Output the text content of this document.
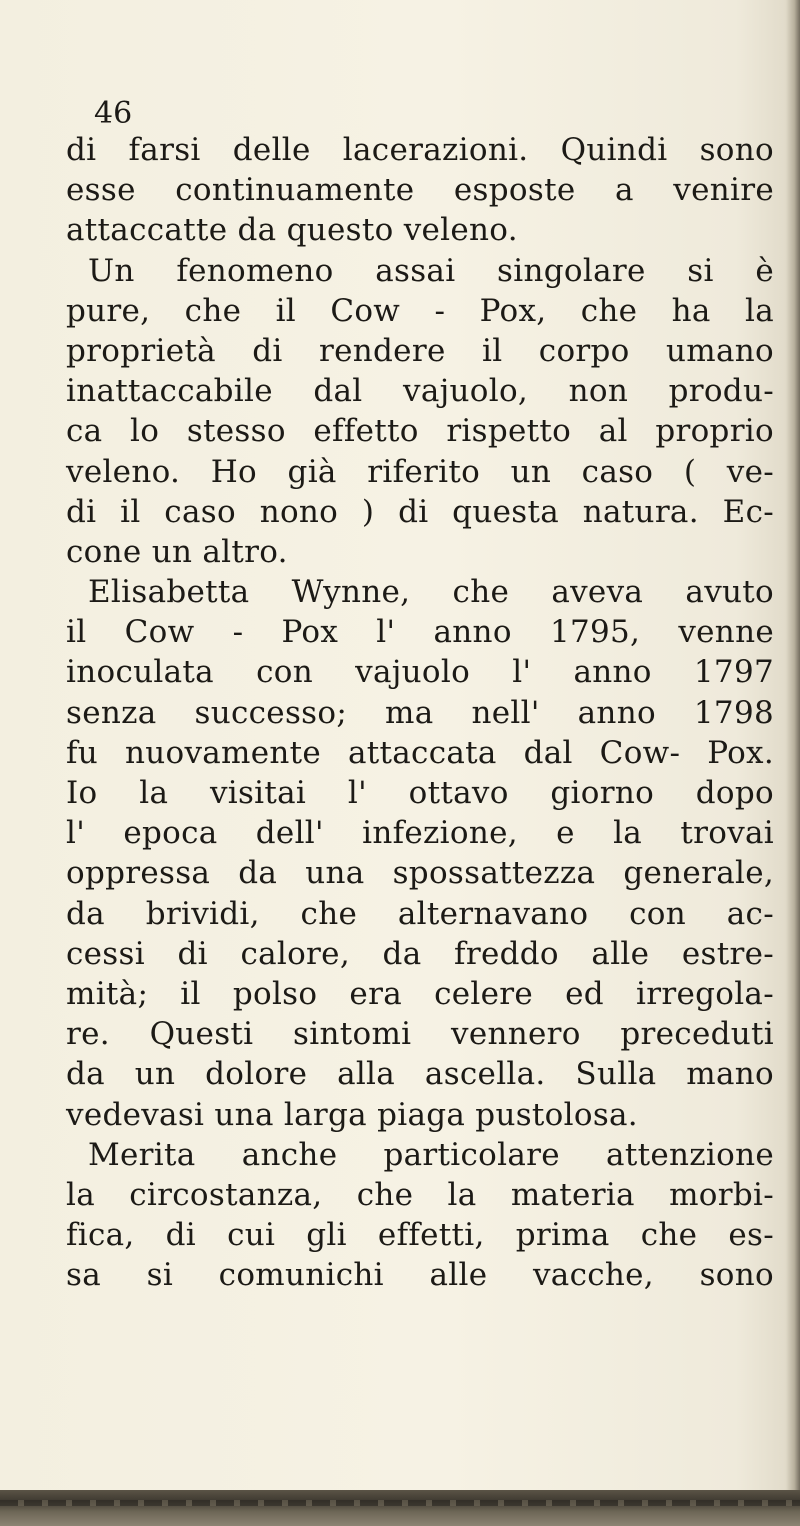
46
di farsi delle lacerazioni. Quindi sono
esse continuamente esposte a venire
attaccatte da questo veleno.
Un fenomeno assai singolare si è
pure, che il Cow - Pox, che ha la
proprietà di rendere il corpo umano
inattaccabile dal vajuolo, non produ-
ca lo stesso effetto rispetto al proprio
veleno. Ho già riferito un caso ( ve-
di il caso nono ) di questa natura. Ec-
cone un altro.
Elisabetta Wynne, che aveva avuto
il Cow - Pox l' anno 1795, venne
inoculata con vajuolo l' anno 1797
senza successo; ma nell' anno 1798
fu nuovamente attaccata dal Cow- Pox.
Io la visitai l' ottavo giorno dopo
l' epoca dell' infezione, e la trovai
oppressa da una spossattezza generale,
da brividi, che alternavano con ac-
cessi di calore, da freddo alle estre-
mità; il polso era celere ed irregola-
re. Questi sintomi vennero preceduti
da un dolore alla ascella. Sulla mano
vedevasi una larga piaga pustolosa.
Merita anche particolare attenzione
la circostanza, che la materia morbi-
fica, di cui gli effetti, prima che es-
sa si comunichi alle vacche, sono
